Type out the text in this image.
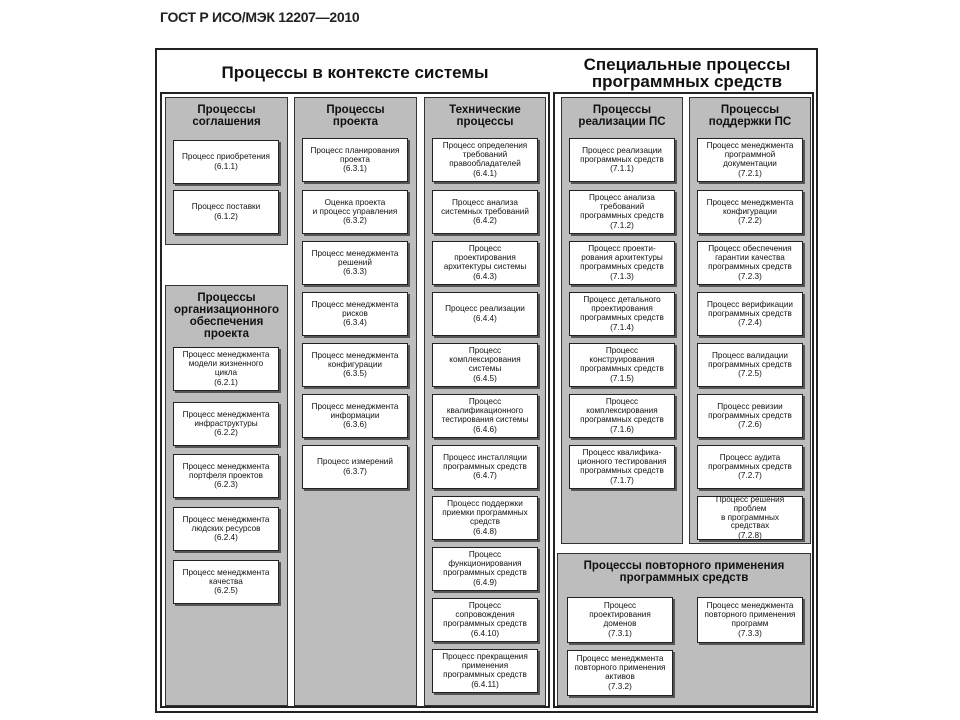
ГОСТ Р ИСО/МЭК 12207—2010
Процессы в контексте системы	Специальные процессы
программных средств
Процессы
соглашения
Процесс приобретения
(6.1.1)
Процесс поставки
(6.1.2)
Процессы
организационного
обеспечения
проекта
Процесс менеджмента
модели жизненного
цикла
(6.2.1)
Процесс менеджмента
инфраструктуры
(6.2.2)
Процесс менеджмента
портфеля проектов
(6.2.3)
Процесс менеджмента
людских ресурсов
(6.2.4)
Процесс менеджмента
качества
(6.2.5)
Процессы
проекта
Процесс планирования
проекта
(6.3.1)
Оценка проекта
и процесс управления
(6.3.2)
Процесс менеджмента
решений
(6.3.3)
Процесс менеджмента
рисков
(6.3.4)
Процесс менеджмента
конфигурации
(6.3.5)
Процесс менеджмента
информации
(6.3.6)
Процесс измерений
(6.3.7)
Технические
процессы
Процесс определения
требований
правообладателей
(6.4.1)
Процесс анализа
системных требований
(6.4.2)
Процесс
проектирования
архитектуры системы
(6.4.3)
Процесс реализации
(6.4.4)
Процесс
комплексирования
системы
(6.4.5)
Процесс
квалификационного
тестирования системы
(6.4.6)
Процесс инсталляции
программных средств
(6.4.7)
Процесс поддержки
приемки программных
средств
(6.4.8)
Процесс
функционирования
программных средств
(6.4.9)
Процесс
сопровождения
программных средств
(6.4.10)
Процесс прекращения
применения
программных средств
(6.4.11)
Процессы
реализации ПС
Процесс реализации
программных средств
(7.1.1)
Процесс анализа
требований
программных средств
(7.1.2)
Процесс проекти-
рования архитектуры
программных средств
(7.1.3)
Процесс детального
проектирования
программных средств
(7.1.4)
Процесс
конструирования
программных средств
(7.1.5)
Процесс
комплексирования
программных средств
(7.1.6)
Процесс квалифика-
ционного тестирования
программных средств
(7.1.7)
Процессы
поддержки ПС
Процесс менеджмента
программной
документации
(7.2.1)
Процесс менеджмента
конфигурации
(7.2.2)
Процесс обеспечения
гарантии качества
программных средств
(7.2.3)
Процесс верификации
программных средств
(7.2.4)
Процесс валидации
программных средств
(7.2.5)
Процесс ревизии
программных средств
(7.2.6)
Процесс аудита
программных средств
(7.2.7)
Процесс решения
проблем
в программных
средствах
(7.2.8)
Процессы повторного применения
программных средств
Процесс
проектирования
доменов
(7.3.1)
Процесс менеджмента
повторного применения
активов
(7.3.2)
Процесс менеджмента
повторного применения
программ
(7.3.3)
